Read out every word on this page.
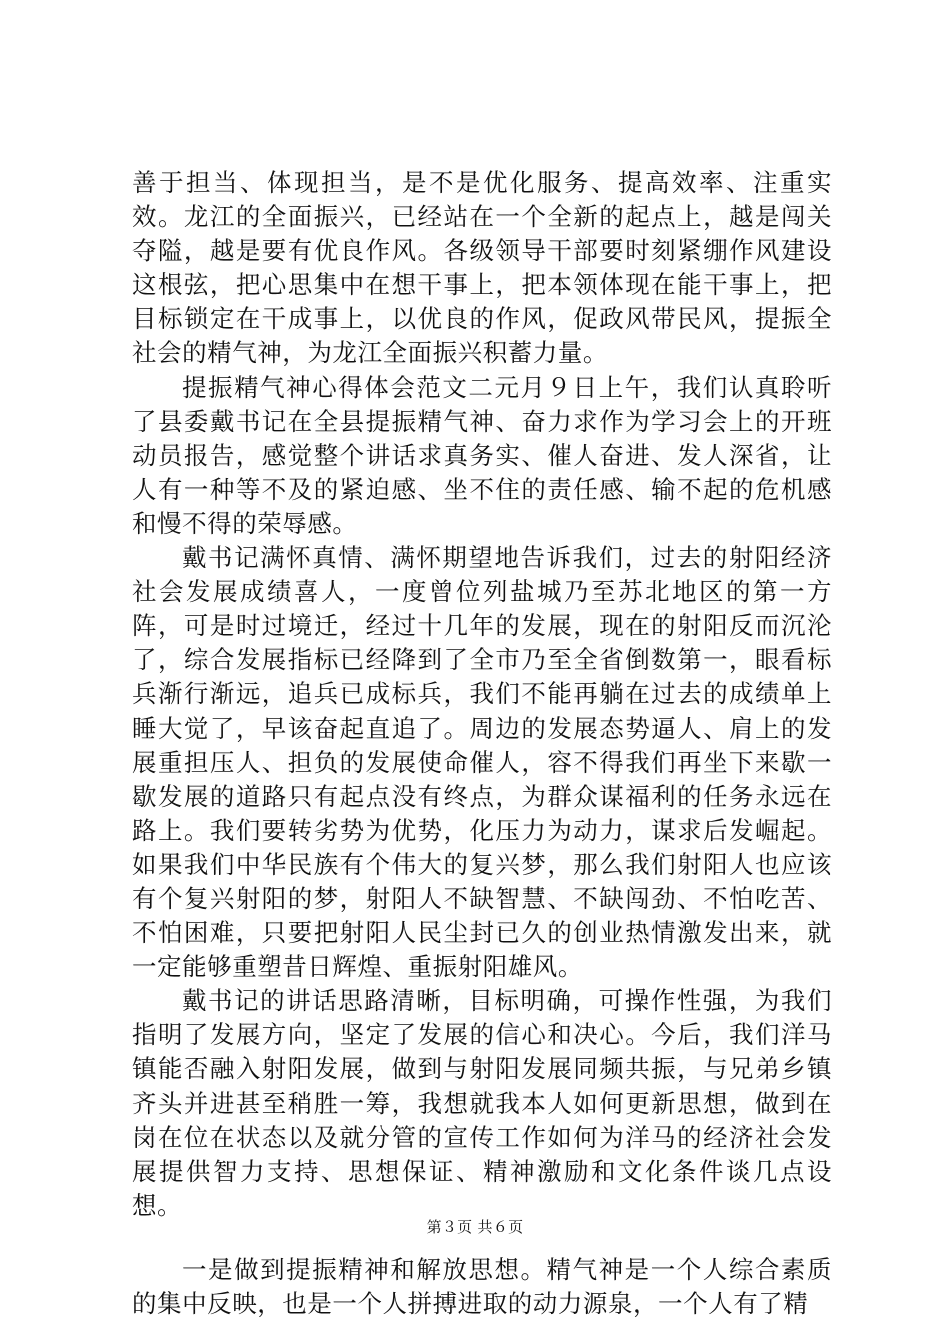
善于担当、体现担当，是不是优化服务、提高效率、注重实效。龙江的全面振兴，已经站在一个全新的起点上，越是闯关夺隘，越是要有优良作风。各级领导干部要时刻紧绷作风建设这根弦，把心思集中在想干事上，把本领体现在能干事上，把目标锁定在干成事上，以优良的作风，促政风带民风，提振全社会的精气神，为龙江全面振兴积蓄力量。

提振精气神心得体会范文二元月９日上午，我们认真聆听了县委戴书记在全县提振精气神、奋力求作为学习会上的开班动员报告，感觉整个讲话求真务实、催人奋进、发人深省，让人有一种等不及的紧迫感、坐不住的责任感、输不起的危机感和慢不得的荣辱感。

戴书记满怀真情、满怀期望地告诉我们，过去的射阳经济社会发展成绩喜人，一度曾位列盐城乃至苏北地区的第一方阵，可是时过境迁，经过十几年的发展，现在的射阳反而沉沦了，综合发展指标已经降到了全市乃至全省倒数第一，眼看标兵渐行渐远，追兵已成标兵，我们不能再躺在过去的成绩单上睡大觉了，早该奋起直追了。周边的发展态势逼人、肩上的发展重担压人、担负的发展使命催人，容不得我们再坐下来歇一歇发展的道路只有起点没有终点，为群众谋福利的任务永远在路上。我们要转劣势为优势，化压力为动力，谋求后发崛起。如果我们中华民族有个伟大的复兴梦，那么我们射阳人也应该有个复兴射阳的梦，射阳人不缺智慧、不缺闯劲、不怕吃苦、不怕困难，只要把射阳人民尘封已久的创业热情激发出来，就一定能够重塑昔日辉煌、重振射阳雄风。

戴书记的讲话思路清晰，目标明确，可操作性强，为我们指明了发展方向，坚定了发展的信心和决心。今后，我们洋马镇能否融入射阳发展，做到与射阳发展同频共振，与兄弟乡镇齐头并进甚至稍胜一筹，我想就我本人如何更新思想，做到在岗在位在状态以及就分管的宣传工作如何为洋马的经济社会发展提供智力支持、思想保证、精神激励和文化条件谈几点设想。

一是做到提振精神和解放思想。精气神是一个人综合素质的集中反映，也是一个人拼搏进取的动力源泉，一个人有了精

第３页 共６页
